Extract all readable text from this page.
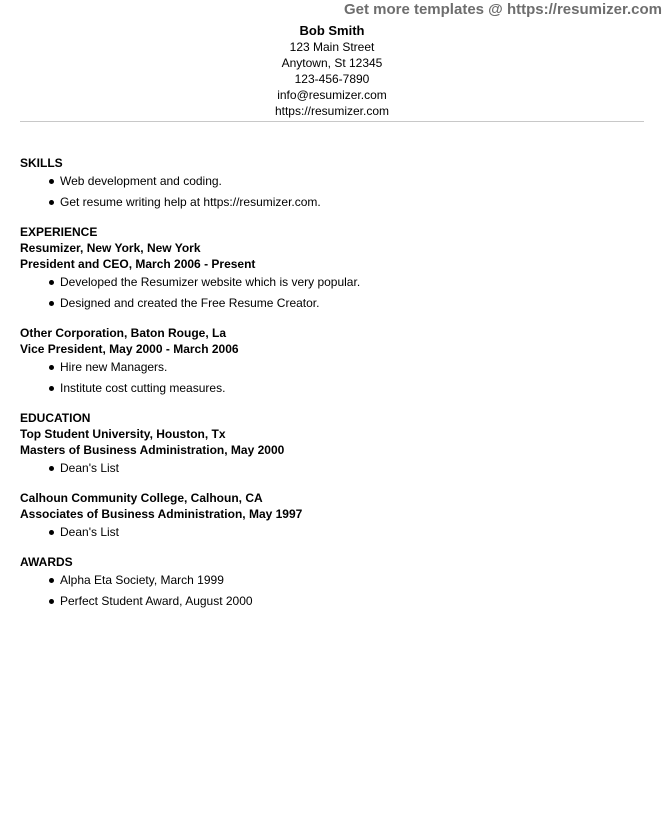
Get more templates @ https://resumizer.com
Bob Smith
123 Main Street
Anytown, St 12345
123-456-7890
info@resumizer.com
https://resumizer.com
SKILLS
Web development and coding.
Get resume writing help at https://resumizer.com.
EXPERIENCE
Resumizer, New York, New York
President and CEO, March 2006 - Present
Developed the Resumizer website which is very popular.
Designed and created the Free Resume Creator.
Other Corporation, Baton Rouge, La
Vice President, May 2000 - March 2006
Hire new Managers.
Institute cost cutting measures.
EDUCATION
Top Student University, Houston, Tx
Masters of Business Administration, May 2000
Dean's List
Calhoun Community College, Calhoun, CA
Associates of Business Administration, May 1997
Dean's List
AWARDS
Alpha Eta Society, March 1999
Perfect Student Award, August 2000
